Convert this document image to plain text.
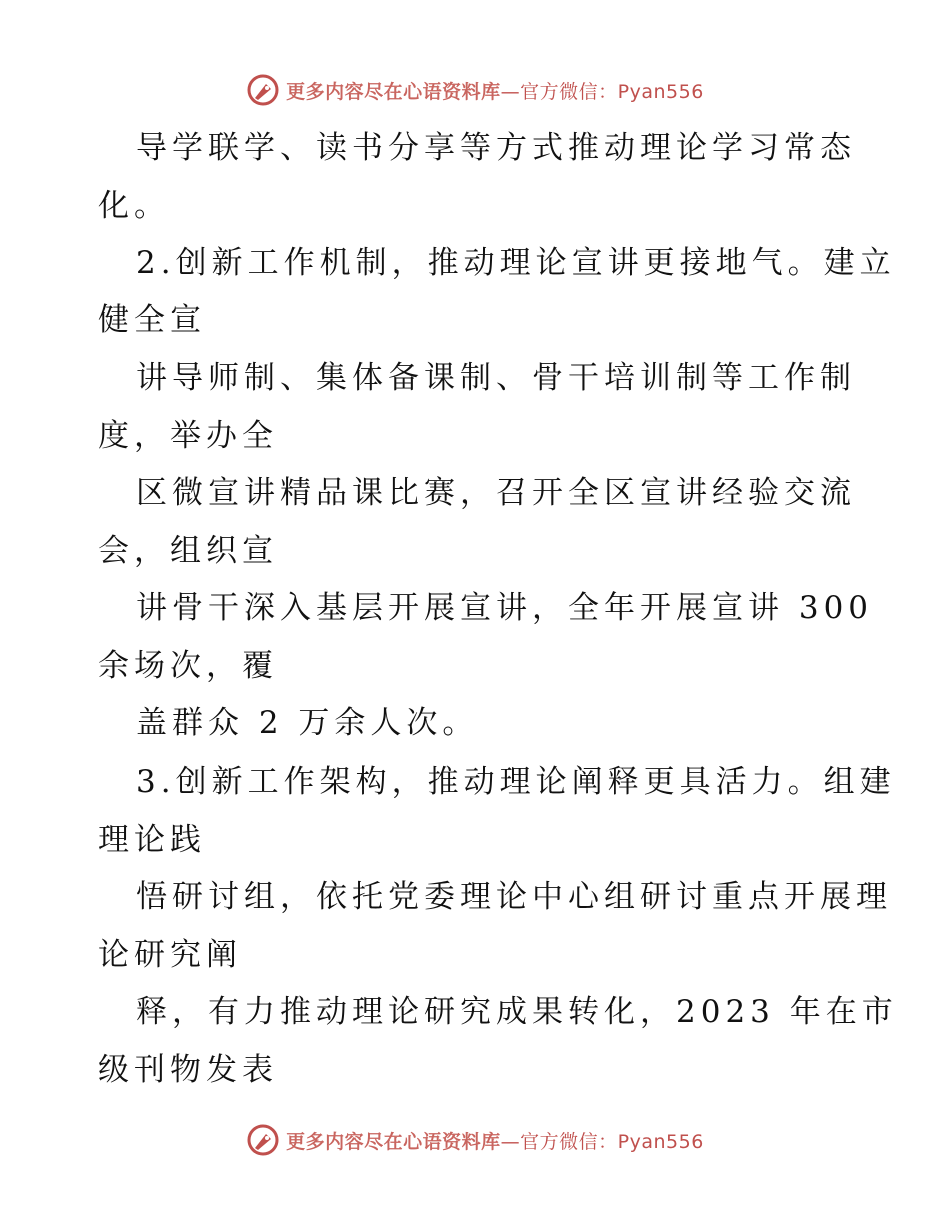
更多内容尽在心语资料库—官方微信：Pyan556
导学联学、读书分享等方式推动理论学习常态
化。
2.创新工作机制，推动理论宣讲更接地气。建立
健全宣
讲导师制、集体备课制、骨干培训制等工作制
度，举办全
区微宣讲精品课比赛，召开全区宣讲经验交流
会，组织宣
讲骨干深入基层开展宣讲，全年开展宣讲 300
余场次，覆
盖群众 2 万余人次。
3.创新工作架构，推动理论阐释更具活力。组建
理论践
悟研讨组，依托党委理论中心组研讨重点开展理
论研究阐
释，有力推动理论研究成果转化，2023 年在市
级刊物发表
更多内容尽在心语资料库—官方微信：Pyan556
